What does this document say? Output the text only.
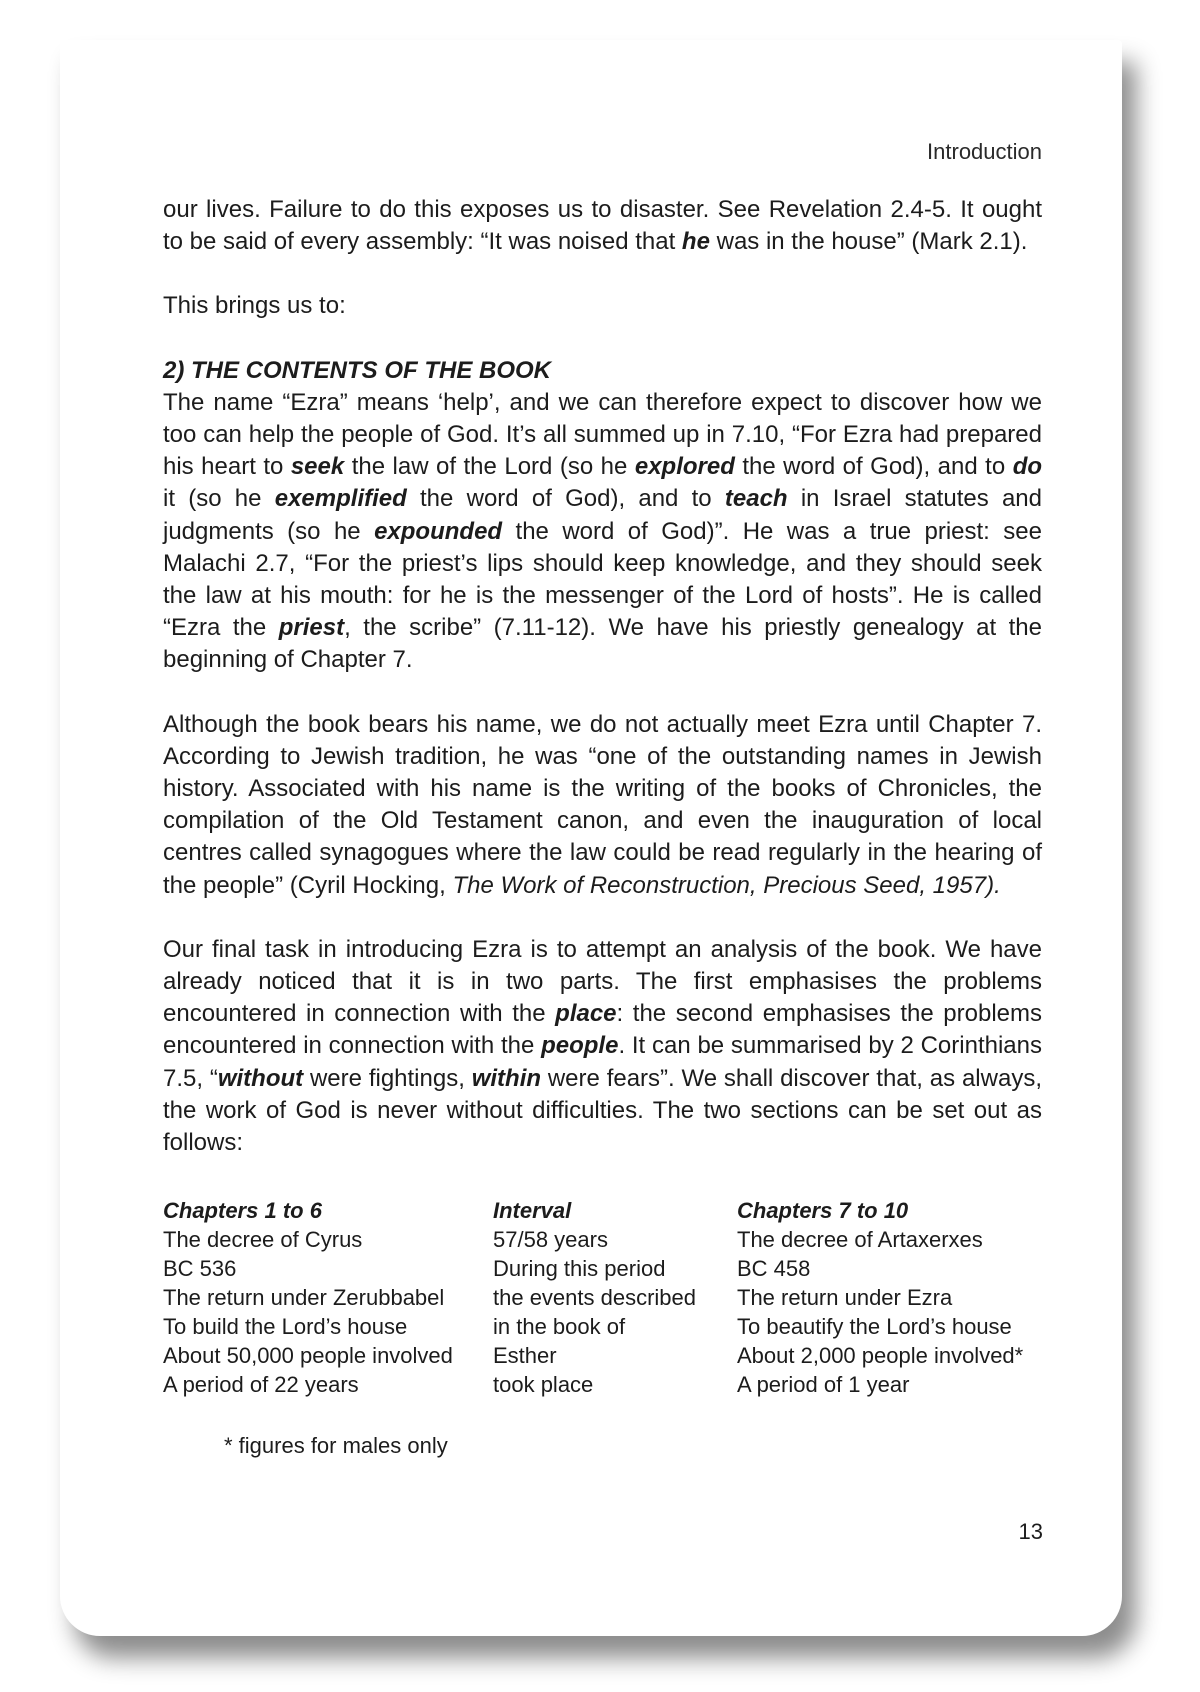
Introduction

our lives. Failure to do this exposes us to disaster. See Revelation 2.4-5. It ought to be said of every assembly: “It was noised that he was in the house” (Mark 2.1).

This brings us to:

2) THE CONTENTS OF THE BOOK

The name “Ezra” means ‘help’, and we can therefore expect to discover how we too can help the people of God. It’s all summed up in 7.10, “For Ezra had prepared his heart to seek the law of the Lord (so he explored the word of God), and to do it (so he exemplified the word of God), and to teach in Israel statutes and judgments (so he expounded the word of God)”. He was a true priest: see Malachi 2.7, “For the priest’s lips should keep knowledge, and they should seek the law at his mouth: for he is the messenger of the Lord of hosts”. He is called “Ezra the priest, the scribe” (7.11-12). We have his priestly genealogy at the beginning of Chapter 7.

Although the book bears his name, we do not actually meet Ezra until Chapter 7. According to Jewish tradition, he was “one of the outstanding names in Jewish history. Associated with his name is the writing of the books of Chronicles, the compilation of the Old Testament canon, and even the inauguration of local centres called synagogues where the law could be read regularly in the hearing of the people” (Cyril Hocking, The Work of Reconstruction, Precious Seed, 1957).

Our final task in introducing Ezra is to attempt an analysis of the book. We have already noticed that it is in two parts. The first emphasises the problems encountered in connection with the place: the second emphasises the problems encountered in connection with the people. It can be summarised by 2 Corinthians 7.5, “without were fightings, within were fears”. We shall discover that, as always, the work of God is never without difficulties. The two sections can be set out as follows:

Chapters 1 to 6
The decree of Cyrus
BC 536
The return under Zerubbabel
To build the Lord’s house
About 50,000 people involved
A period of 22 years
Interval
57/58 years
During this period
the events described
in the book of
Esther
took place
Chapters 7 to 10
The decree of Artaxerxes
BC 458
The return under Ezra
To beautify the Lord’s house
About 2,000 people involved*
A period of 1 year
* figures for males only
13
